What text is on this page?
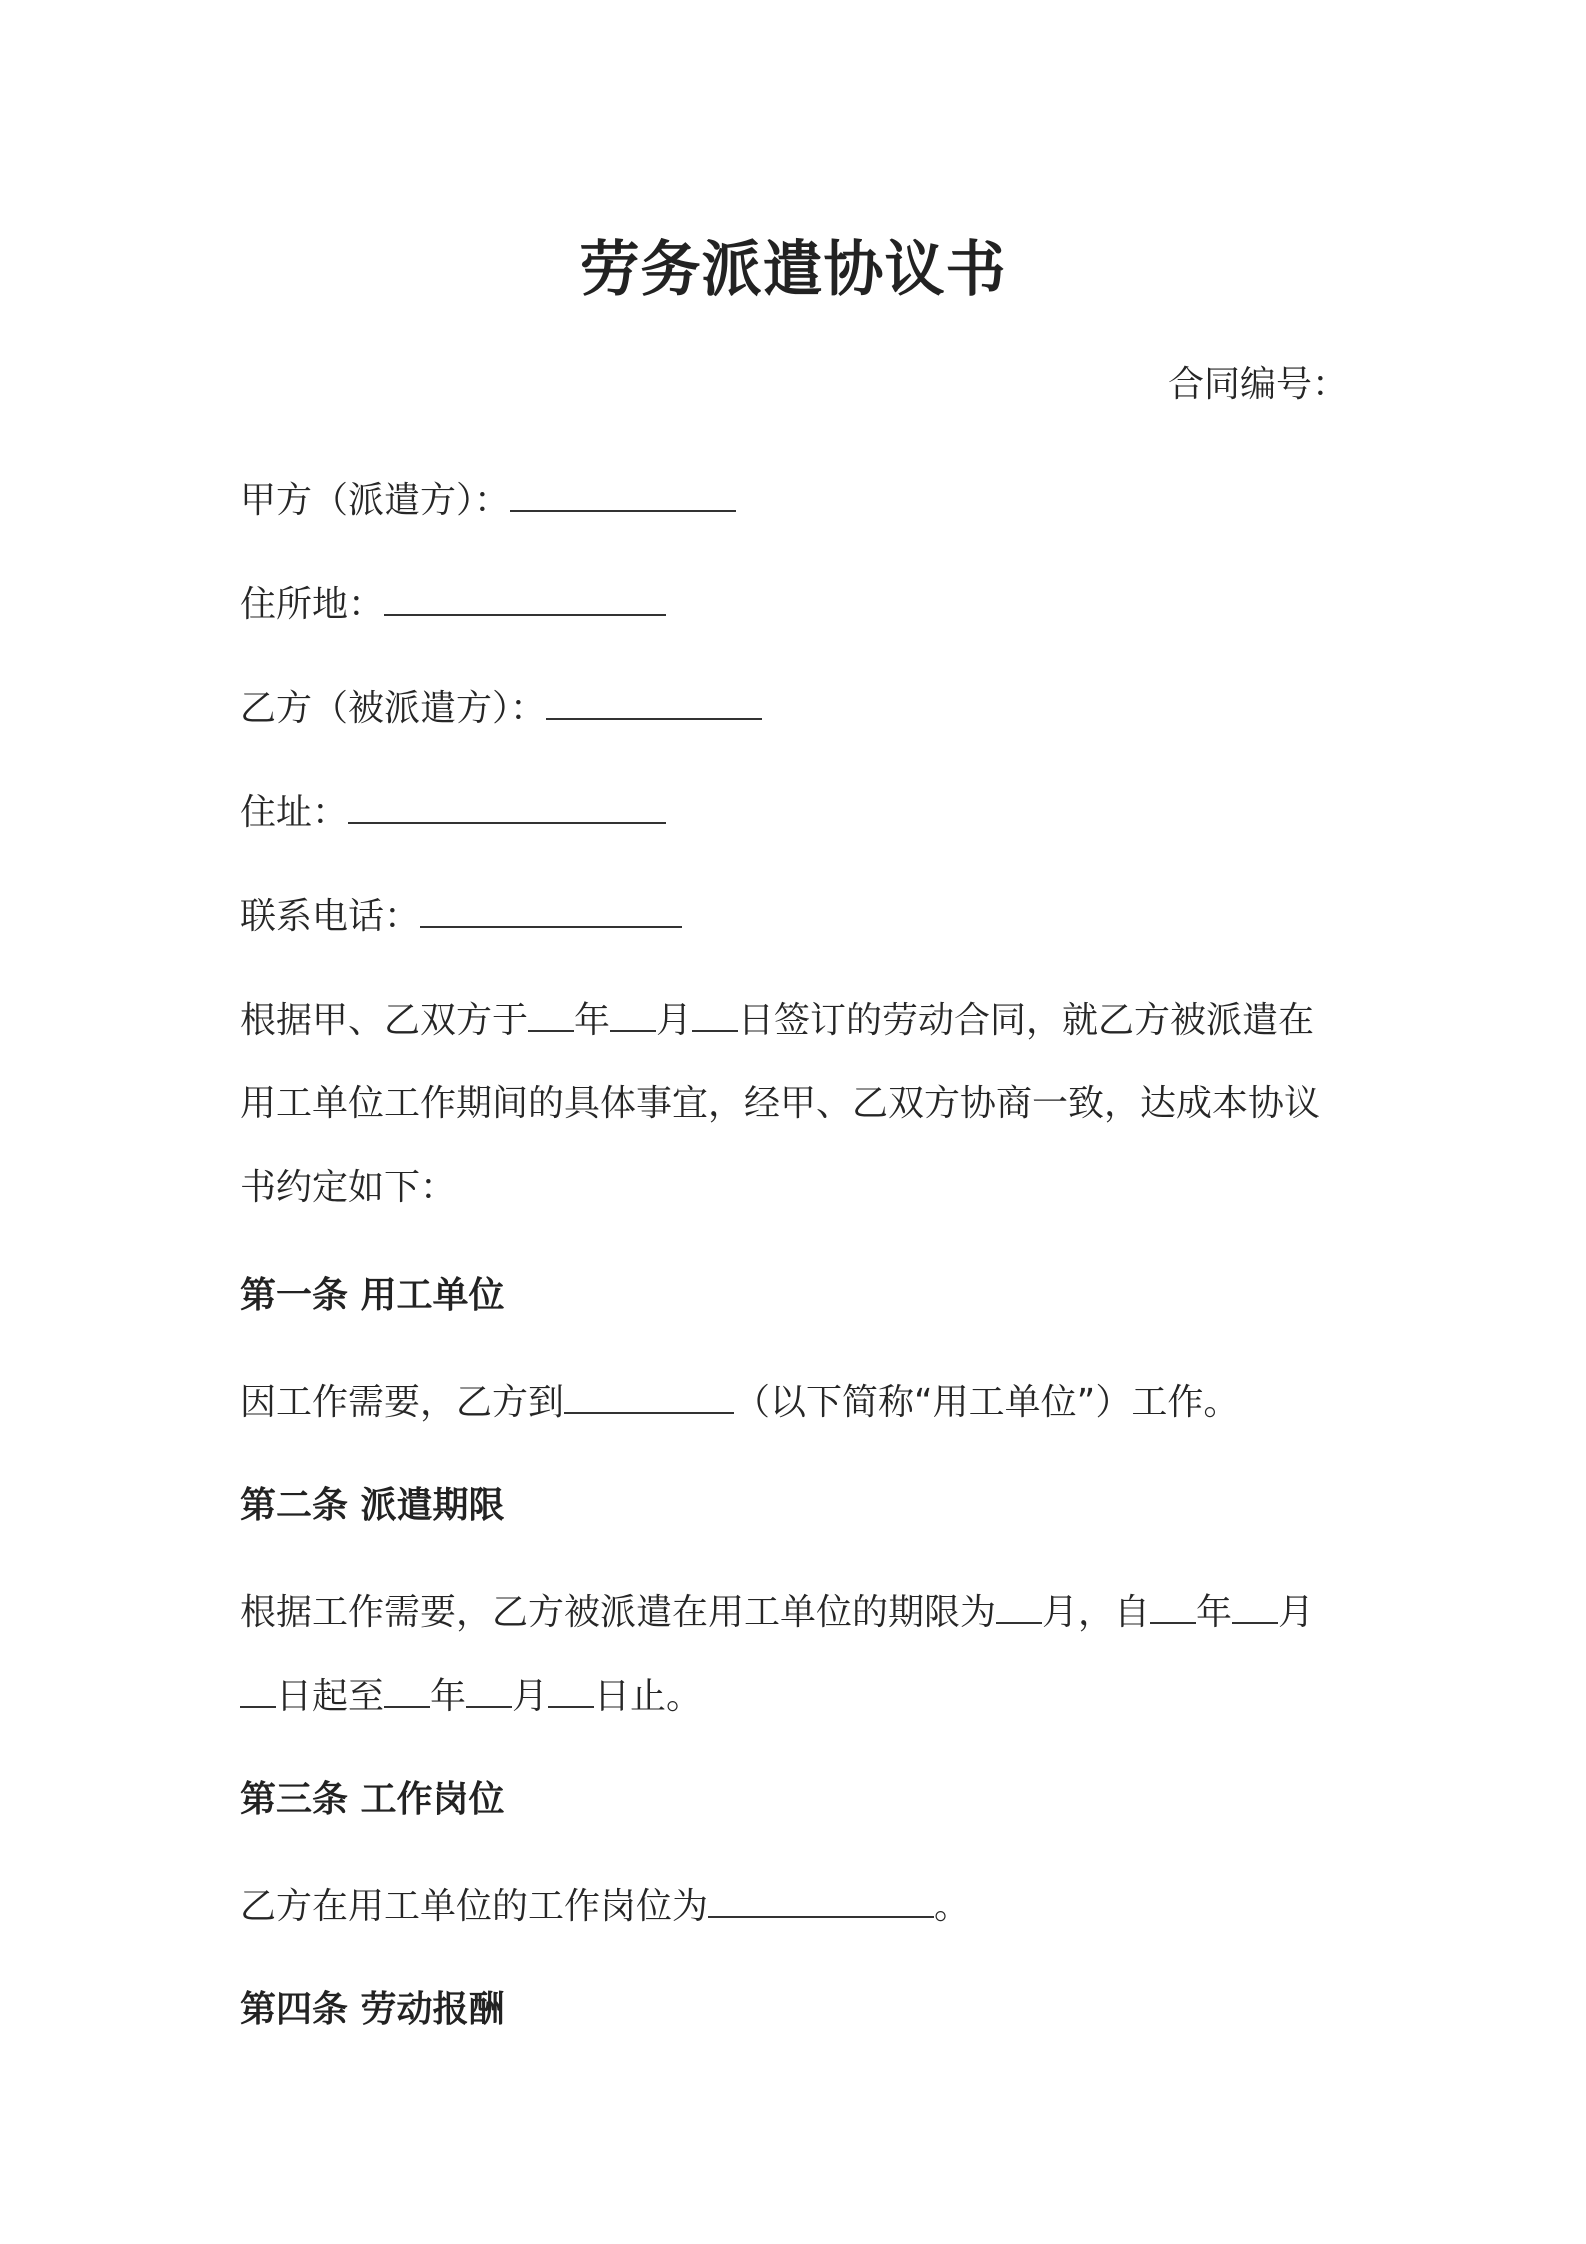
劳务派遣协议书
合同编号：
甲方（派遣方）：
住所地：
乙方（被派遣方）：
住址：
联系电话：
根据甲、乙双方于 年 月 日签订的劳动合同，就乙方被派遣在
用工单位工作期间的具体事宜，经甲、乙双方协商一致，达成本协议
书约定如下：
第一条 用工单位
因工作需要，乙方到	（以下简称“用工单位”）工作。
第二条 派遣期限
根据工作需要，乙方被派遣在用工单位的期限为 月，自 年 月
日起至 年 月 日止。
第三条 工作岗位
乙方在用工单位的工作岗位为	。
第四条 劳动报酬
